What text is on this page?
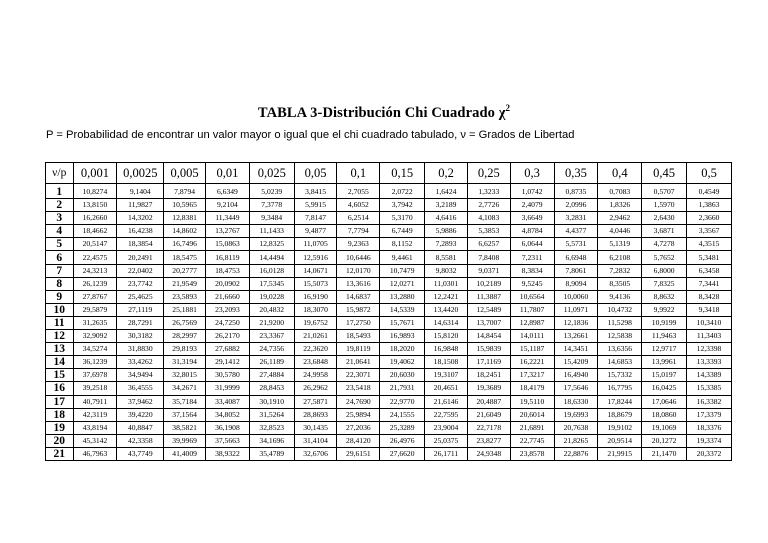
TABLA 3-Distribución Chi Cuadrado $\chi^2$
P = Probabilidad de encontrar un valor mayor o igual que el chi cuadrado tabulado, ν = Grados de Libertad
ν/p	0,001	0,0025	0,005	0,01	0,025	0,05	0,1	0,15	0,2	0,25	0,3	0,35	0,4	0,45	0,5
1	10,8274	9,1404	7,8794	6,6349	5,0239	3,8415	2,7055	2,0722	1,6424	1,3233	1,0742	0,8735	0,7083	0,5707	0,4549
2	13,8150	11,9827	10,5965	9,2104	7,3778	5,9915	4,6052	3,7942	3,2189	2,7726	2,4079	2,0996	1,8326	1,5970	1,3863
3	16,2660	14,3202	12,8381	11,3449	9,3484	7,8147	6,2514	5,3170	4,6416	4,1083	3,6649	3,2831	2,9462	2,6430	2,3660
4	18,4662	16,4238	14,8602	13,2767	11,1433	9,4877	7,7794	6,7449	5,9886	5,3853	4,8784	4,4377	4,0446	3,6871	3,3567
5	20,5147	18,3854	16,7496	15,0863	12,8325	11,0705	9,2363	8,1152	7,2893	6,6257	6,0644	5,5731	5,1319	4,7278	4,3515
6	22,4575	20,2491	18,5475	16,8119	14,4494	12,5916	10,6446	9,4461	8,5581	7,8408	7,2311	6,6948	6,2108	5,7652	5,3481
7	24,3213	22,0402	20,2777	18,4753	16,0128	14,0671	12,0170	10,7479	9,8032	9,0371	8,3834	7,8061	7,2832	6,8000	6,3458
8	26,1239	23,7742	21,9549	20,0902	17,5345	15,5073	13,3616	12,0271	11,0301	10,2189	9,5245	8,9094	8,3505	7,8325	7,3441
9	27,8767	25,4625	23,5893	21,6660	19,0228	16,9190	14,6837	13,2880	12,2421	11,3887	10,6564	10,0060	9,4136	8,8632	8,3428
10	29,5879	27,1119	25,1881	23,2093	20,4832	18,3070	15,9872	14,5339	13,4420	12,5489	11,7807	11,0971	10,4732	9,9922	9,3418
11	31,2635	28,7291	26,7569	24,7250	21,9200	19,6752	17,2750	15,7671	14,6314	13,7007	12,8987	12,1836	11,5298	10,9199	10,3410
12	32,9092	30,3182	28,2997	26,2170	23,3367	21,0261	18,5493	16,9893	15,8120	14,8454	14,0111	13,2661	12,5838	11,9463	11,3403
13	34,5274	31,8830	29,8193	27,6882	24,7356	22,3620	19,8119	18,2020	16,9848	15,9839	15,1187	14,3451	13,6356	12,9717	12,3398
14	36,1239	33,4262	31,3194	29,1412	26,1189	23,6848	21,0641	19,4062	18,1508	17,1169	16,2221	15,4209	14,6853	13,9961	13,3393
15	37,6978	34,9494	32,8015	30,5780	27,4884	24,9958	22,3071	20,6030	19,3107	18,2451	17,3217	16,4940	15,7332	15,0197	14,3389
16	39,2518	36,4555	34,2671	31,9999	28,8453	26,2962	23,5418	21,7931	20,4651	19,3689	18,4179	17,5646	16,7795	16,0425	15,3385
17	40,7911	37,9462	35,7184	33,4087	30,1910	27,5871	24,7690	22,9770	21,6146	20,4887	19,5110	18,6330	17,8244	17,0646	16,3382
18	42,3119	39,4220	37,1564	34,8052	31,5264	28,8693	25,9894	24,1555	22,7595	21,6049	20,6014	19,6993	18,8679	18,0860	17,3379
19	43,8194	40,8847	38,5821	36,1908	32,8523	30,1435	27,2036	25,3289	23,9004	22,7178	21,6891	20,7638	19,9102	19,1069	18,3376
20	45,3142	42,3358	39,9969	37,5663	34,1696	31,4104	28,4120	26,4976	25,0375	23,8277	22,7745	21,8265	20,9514	20,1272	19,3374
21	46,7963	43,7749	41,4009	38,9322	35,4789	32,6706	29,6151	27,6620	26,1711	24,9348	23,8578	22,8876	21,9915	21,1470	20,3372
